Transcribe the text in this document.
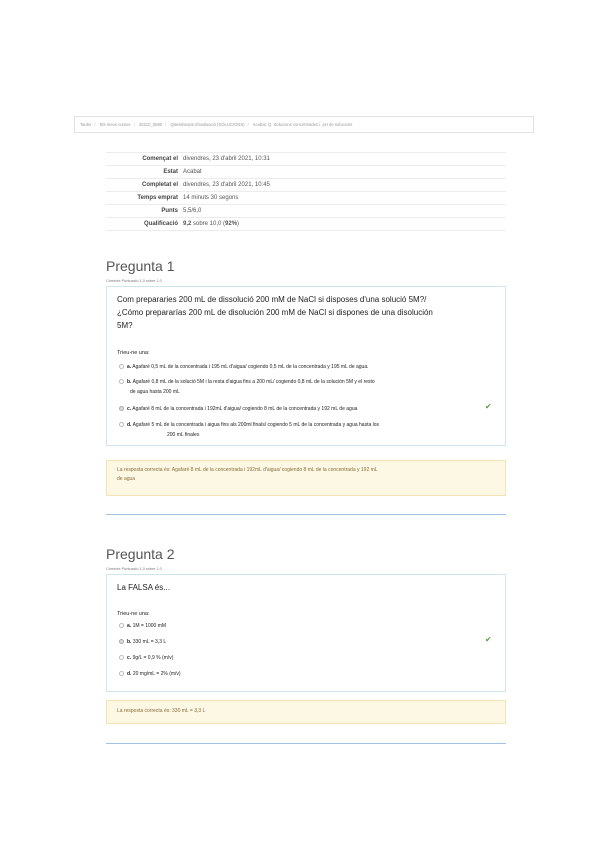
Tauler / Els meus cursos / 20210_6580 / Qüestionaris d'avaluació (SOLUCIONS) / Acabat: Q. Solucions concentrades i. pH de solucions
Començat el	divendres, 23 d'abril 2021, 10:31
Estat	Acabat
Completat el	divendres, 23 d'abril 2021, 10:45
Temps emprat	14 minuts 30 segons
Punts	5,5/6,0
Qualificació	9,2 sobre 10,0 (92%)
Pregunta 1
Correcte Puntuació 1,0 sobre 1,0

Com prepararies 200 mL de dissolució 200 mM de NaCl si disposes d'una solució 5M?/

¿Cómo prepararías 200 mL de disolución 200 mM de NaCl si dispones de una disolución

5M?

Trieu-ne una:
a. Agafaré 0,5 mL de la concentrada i 195 mL d'aigua/ cogiendo 0,5 mL de la concentrada y 195 mL de agua.
b. Agafaré 0,8 mL de la solució 5M i la resta d'aigua fins a 200 mL/ cogiendo 0,8 mL de la solución 5M y el resto
de agua hasta 200 mL
c. Agafaré 8 mL de la concentrada i 192mL d'aigua/ cogiendo 8 mL de la concentrada y 192 mL de agua	✔
d. Agafaré 5 mL de la concentrada i aigua fins als 200ml finals/ cogiendo 5 mL de la concentrada y agua hasta los
200 mL finales
La resposta correcta és: Agafaré 8 mL de la concentrada i 192mL d'aigua/ cogiendo 8 mL de la concentrada y 192 mL
de agua
Pregunta 2
Correcte Puntuació 1,0 sobre 1,0

La FALSA és...

Trieu-ne una:
a. 1M = 1000 mM
b. 330 mL = 3,3 L	✔
c. 9g/L = 0,9 % (m/v)
d. 20 mg/mL = 2% (m/v)
La resposta correcta és: 330 mL = 3,3 L
